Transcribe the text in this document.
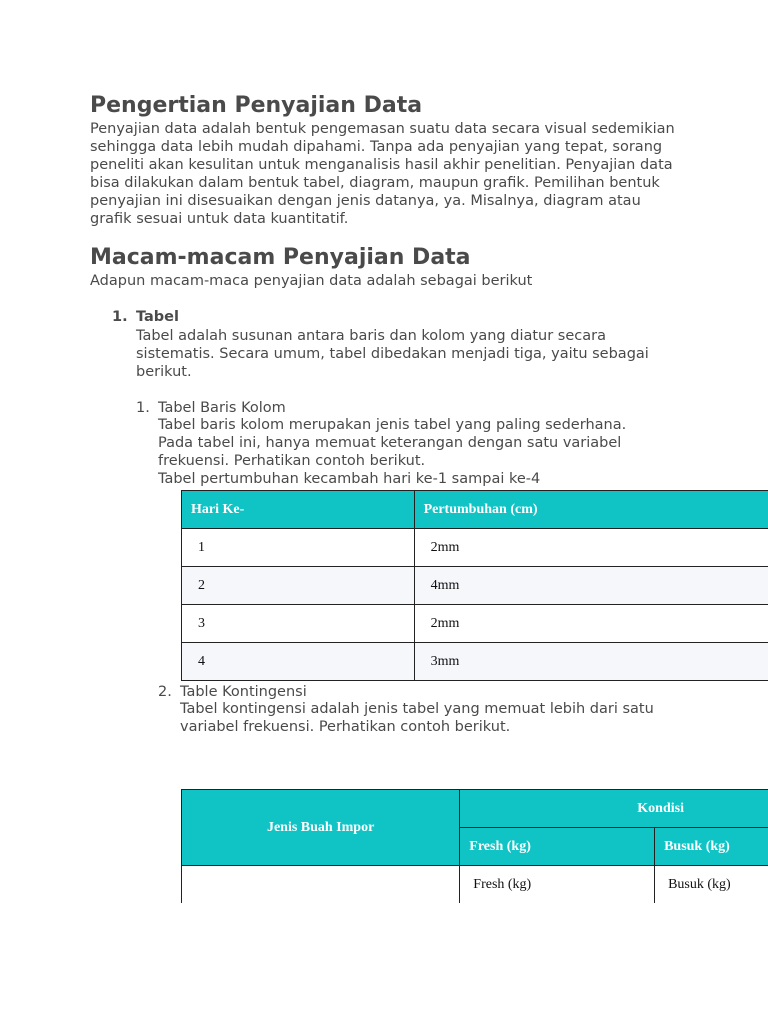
Pengertian Penyajian Data

Penyajian data adalah bentuk pengemasan suatu data secara visual sedemikian sehingga data lebih mudah dipahami. Tanpa ada penyajian yang tepat, sorang peneliti akan kesulitan untuk menganalisis hasil akhir penelitian. Penyajian data bisa dilakukan dalam bentuk tabel, diagram, maupun grafik. Pemilihan bentuk penyajian ini disesuaikan dengan jenis datanya, ya. Misalnya, diagram atau grafik sesuai untuk data kuantitatif.

Macam-macam Penyajian Data

Adapun macam-maca penyajian data adalah sebagai berikut

1. Tabel

Tabel adalah susunan antara baris dan kolom yang diatur secara sistematis. Secara umum, tabel dibedakan menjadi tiga, yaitu sebagai berikut.

1. Tabel Baris Kolom

Tabel baris kolom merupakan jenis tabel yang paling sederhana. Pada tabel ini, hanya memuat keterangan dengan satu variabel frekuensi. Perhatikan contoh berikut.

Tabel pertumbuhan kecambah hari ke-1 sampai ke-4

Hari Ke-	Pertumbuhan (cm)
1	2mm
2	4mm
3	2mm
4	3mm
2. Table Kontingensi

Tabel kontingensi adalah jenis tabel yang memuat lebih dari satu variabel frekuensi. Perhatikan contoh berikut.

Jenis Buah Impor	Kondisi	
	Fresh (kg)	Busuk (kg)
	Fresh (kg)	Busuk (kg)
